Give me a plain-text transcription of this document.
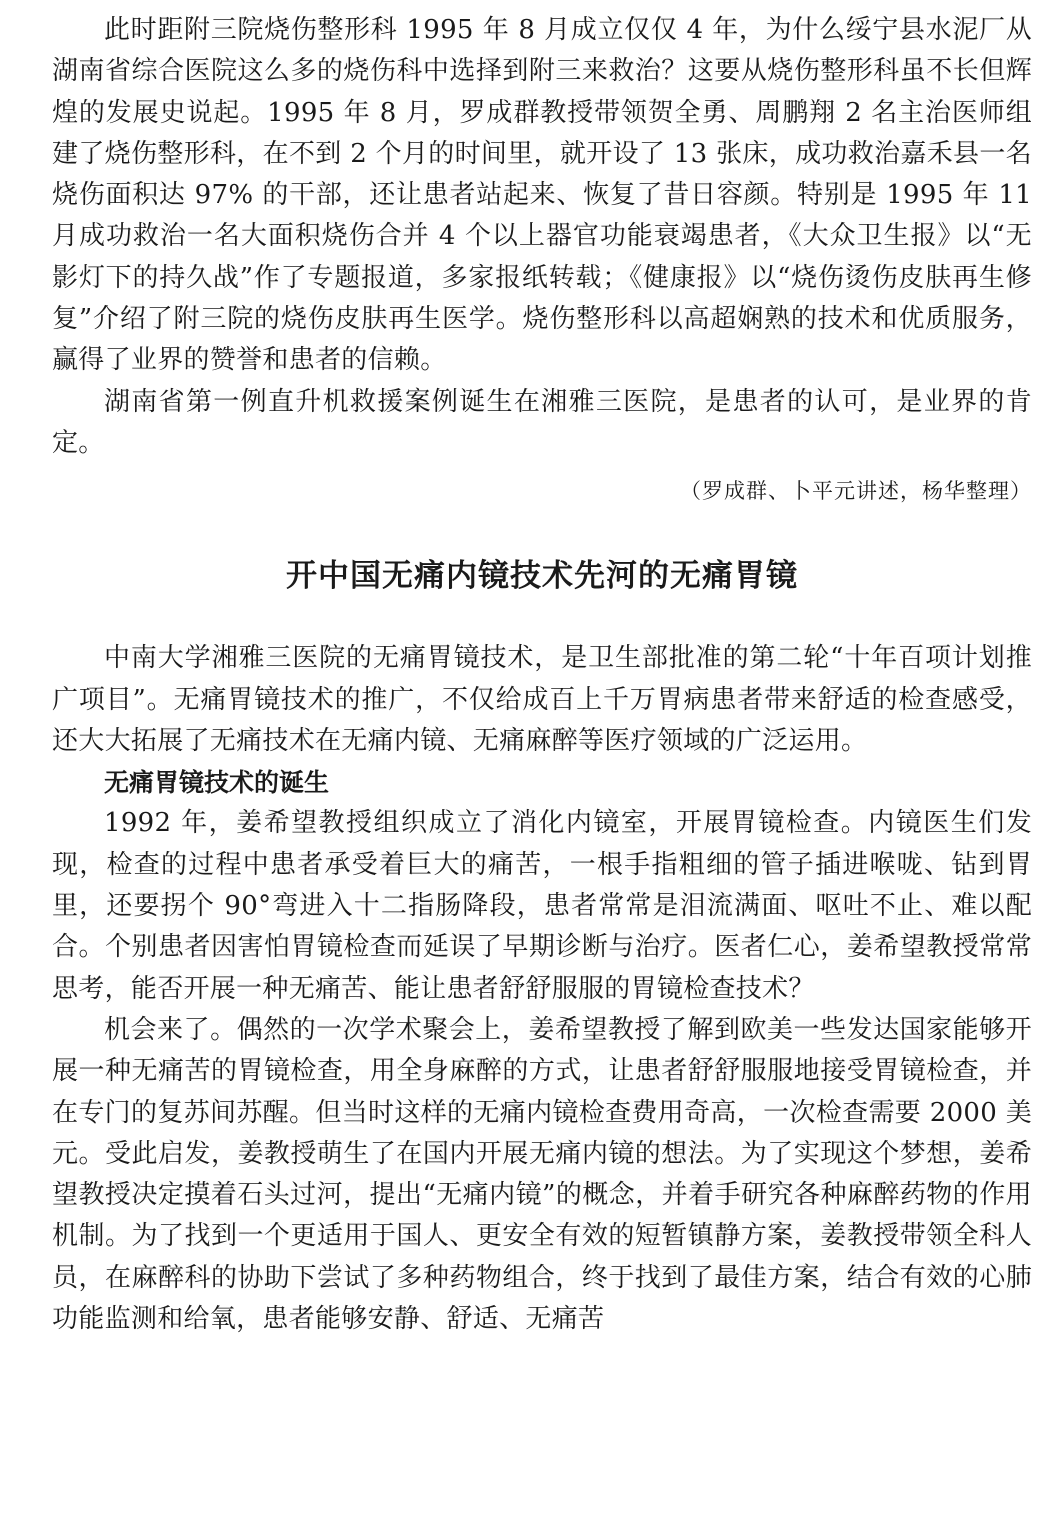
此时距附三院烧伤整形科 1995 年 8 月成立仅仅 4 年，为什么绥宁县水泥厂从湖南省综合医院这么多的烧伤科中选择到附三来救治？这要从烧伤整形科虽不长但辉煌的发展史说起。1995 年 8 月，罗成群教授带领贺全勇、周鹏翔 2 名主治医师组建了烧伤整形科，在不到 2 个月的时间里，就开设了 13 张床，成功救治嘉禾县一名烧伤面积达 97% 的干部，还让患者站起来、恢复了昔日容颜。特别是 1995 年 11 月成功救治一名大面积烧伤合并 4 个以上器官功能衰竭患者，《大众卫生报》以“无影灯下的持久战”作了专题报道，多家报纸转载；《健康报》以“烧伤烫伤皮肤再生修复”介绍了附三院的烧伤皮肤再生医学。烧伤整形科以高超娴熟的技术和优质服务，赢得了业界的赞誉和患者的信赖。

湖南省第一例直升机救援案例诞生在湘雅三医院，是患者的认可，是业界的肯定。

（罗成群、卜平元讲述，杨华整理）

开中国无痛内镜技术先河的无痛胃镜

中南大学湘雅三医院的无痛胃镜技术，是卫生部批准的第二轮“十年百项计划推广项目”。无痛胃镜技术的推广，不仅给成百上千万胃病患者带来舒适的检查感受，还大大拓展了无痛技术在无痛内镜、无痛麻醉等医疗领域的广泛运用。

无痛胃镜技术的诞生

1992 年，姜希望教授组织成立了消化内镜室，开展胃镜检查。内镜医生们发现，检查的过程中患者承受着巨大的痛苦，一根手指粗细的管子插进喉咙、钻到胃里，还要拐个 90°弯进入十二指肠降段，患者常常是泪流满面、呕吐不止、难以配合。个别患者因害怕胃镜检查而延误了早期诊断与治疗。医者仁心，姜希望教授常常思考，能否开展一种无痛苦、能让患者舒舒服服的胃镜检查技术？

机会来了。偶然的一次学术聚会上，姜希望教授了解到欧美一些发达国家能够开展一种无痛苦的胃镜检查，用全身麻醉的方式，让患者舒舒服服地接受胃镜检查，并在专门的复苏间苏醒。但当时这样的无痛内镜检查费用奇高，一次检查需要 2000 美元。受此启发，姜教授萌生了在国内开展无痛内镜的想法。为了实现这个梦想，姜希望教授决定摸着石头过河，提出“无痛内镜”的概念，并着手研究各种麻醉药物的作用机制。为了找到一个更适用于国人、更安全有效的短暂镇静方案，姜教授带领全科人员，在麻醉科的协助下尝试了多种药物组合，终于找到了最佳方案，结合有效的心肺功能监测和给氧，患者能够安静、舒适、无痛苦
